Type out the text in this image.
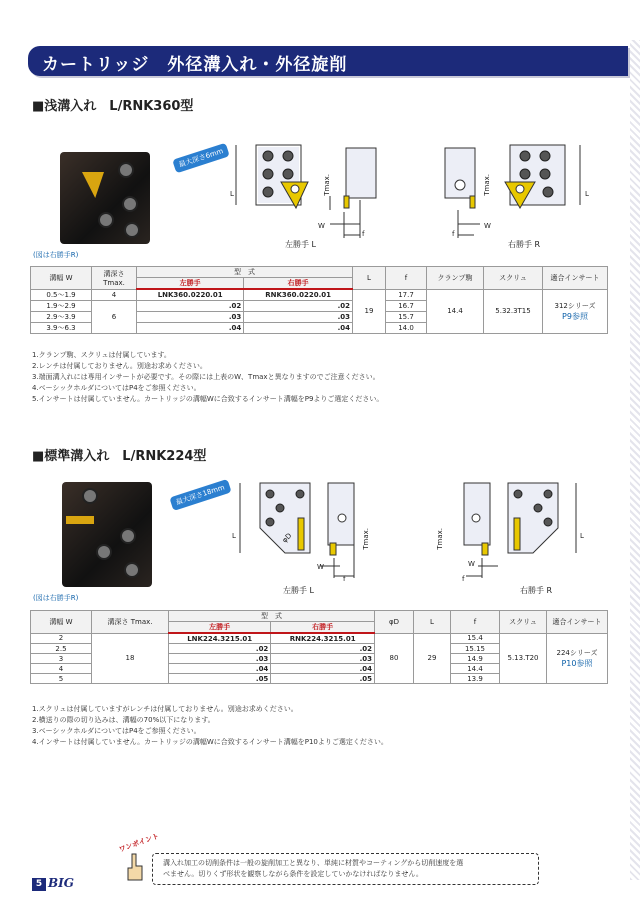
カートリッジ　外径溝入れ・外径旋削
■浅溝入れ　L/RNK360型
(図は右勝手R)
最大深さ6mm
L
W
f
Tmax.
左勝手 L
L
W
f
Tmax.
右勝手 R
溝幅 W	溝深さ Tmax.	型　式		L	f	クランプ駒	スクリュ	適合インサート
		左勝手	右勝手					
0.5〜1.9	4	LNK360.0220.01	RNK360.0220.01	19	17.7	14.4	5.32.3T15	312シリーズ
P9参照

1.9〜2.9	6	.02	.02		16.7			
2.9〜3.9		.03	.03		15.7			
3.9〜6.3		.04	.04		14.0			
1.クランプ駒、スクリュは付属しています。
2.レンチは付属しておりません。別途お求めください。
3.端面溝入れには専用インサートが必要です。その際には上表のW、Tmaxと異なりますのでご注意ください。
4.ベーシックホルダについてはP4をご参照ください。
5.インサートは付属していません。カートリッジの溝幅Wに合致するインサート溝幅をP9よりご選定ください。
■標準溝入れ　L/RNK224型
(図は右勝手R)
最大深さ18mm
L	φD
W
f
Tmax.
左勝手 L
L
W
f
Tmax.
右勝手 R
溝幅 W	溝深さ Tmax.	型　式		φD	L	f	スクリュ	適合インサート
		左勝手	右勝手					
2	18	LNK224.3215.01	RNK224.3215.01	80	29	15.4	5.13.T20	224シリーズ
P10参照

2.5		.02	.02			15.15		
3		.03	.03			14.9		
4		.04	.04			14.4		
5		.05	.05			13.9		
1.スクリュは付属していますがレンチは付属しておりません。別途お求めください。
2.横送りの際の切り込みは、溝幅の70%以下になります。
3.ベーシックホルダについてはP4をご参照ください。
4.インサートは付属していません。カートリッジの溝幅Wに合致するインサート溝幅をP10よりご選定ください。
ワンポイント
溝入れ加工の切削条件は一般の旋削加工と異なり、単純に材質やコーティングから切削速度を選
べません。切りくず形状を観察しながら条件を設定していかなければなりません。
5 BIG
